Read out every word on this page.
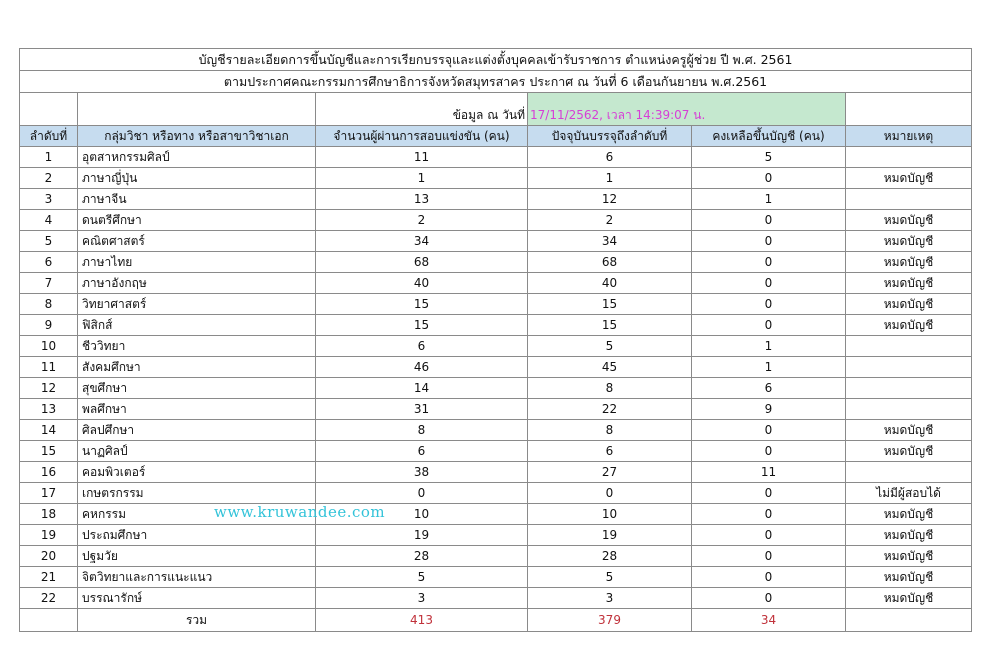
บัญชีรายละเอียดการขึ้นบัญชีและการเรียกบรรจุและแต่งตั้งบุคคลเข้ารับราชการ ตำแหน่งครูผู้ช่วย ปี พ.ศ. 2561					
ตามประกาศคณะกรรมการศึกษาธิการจังหวัดสมุทรสาคร ประกาศ ณ วันที่ 6 เดือนกันยายน พ.ศ.2561					
		ข้อมูล ณ วันที่	17/11/2562, เวลา 14:39:07 น.		
ลำดับที่	กลุ่มวิชา หรือทาง หรือสาขาวิชาเอก	จำนวนผู้ผ่านการสอบแข่งขัน (คน)	ปัจจุบันบรรจุถึงลำดับที่	คงเหลือขึ้นบัญชี (คน)	หมายเหตุ
1	อุตสาหกรรมศิลป์	11	6	5	
2	ภาษาญี่ปุ่น	1	1	0	หมดบัญชี
3	ภาษาจีน	13	12	1	
4	ดนตรีศึกษา	2	2	0	หมดบัญชี
5	คณิตศาสตร์	34	34	0	หมดบัญชี
6	ภาษาไทย	68	68	0	หมดบัญชี
7	ภาษาอังกฤษ	40	40	0	หมดบัญชี
8	วิทยาศาสตร์	15	15	0	หมดบัญชี
9	ฟิสิกส์	15	15	0	หมดบัญชี
10	ชีววิทยา	6	5	1	
11	สังคมศึกษา	46	45	1	
12	สุขศึกษา	14	8	6	
13	พลศึกษา	31	22	9	
14	ศิลปศึกษา	8	8	0	หมดบัญชี
15	นาฏศิลป์	6	6	0	หมดบัญชี
16	คอมพิวเตอร์	38	27	11	
17	เกษตรกรรม	0	0	0	ไม่มีผู้สอบได้
18	คหกรรม	10	10	0	หมดบัญชี
19	ประถมศึกษา	19	19	0	หมดบัญชี
20	ปฐมวัย	28	28	0	หมดบัญชี
21	จิตวิทยาและการแนะแนว	5	5	0	หมดบัญชี
22	บรรณารักษ์	3	3	0	หมดบัญชี
	รวม	413	379	34	
www.kruwandee.com
